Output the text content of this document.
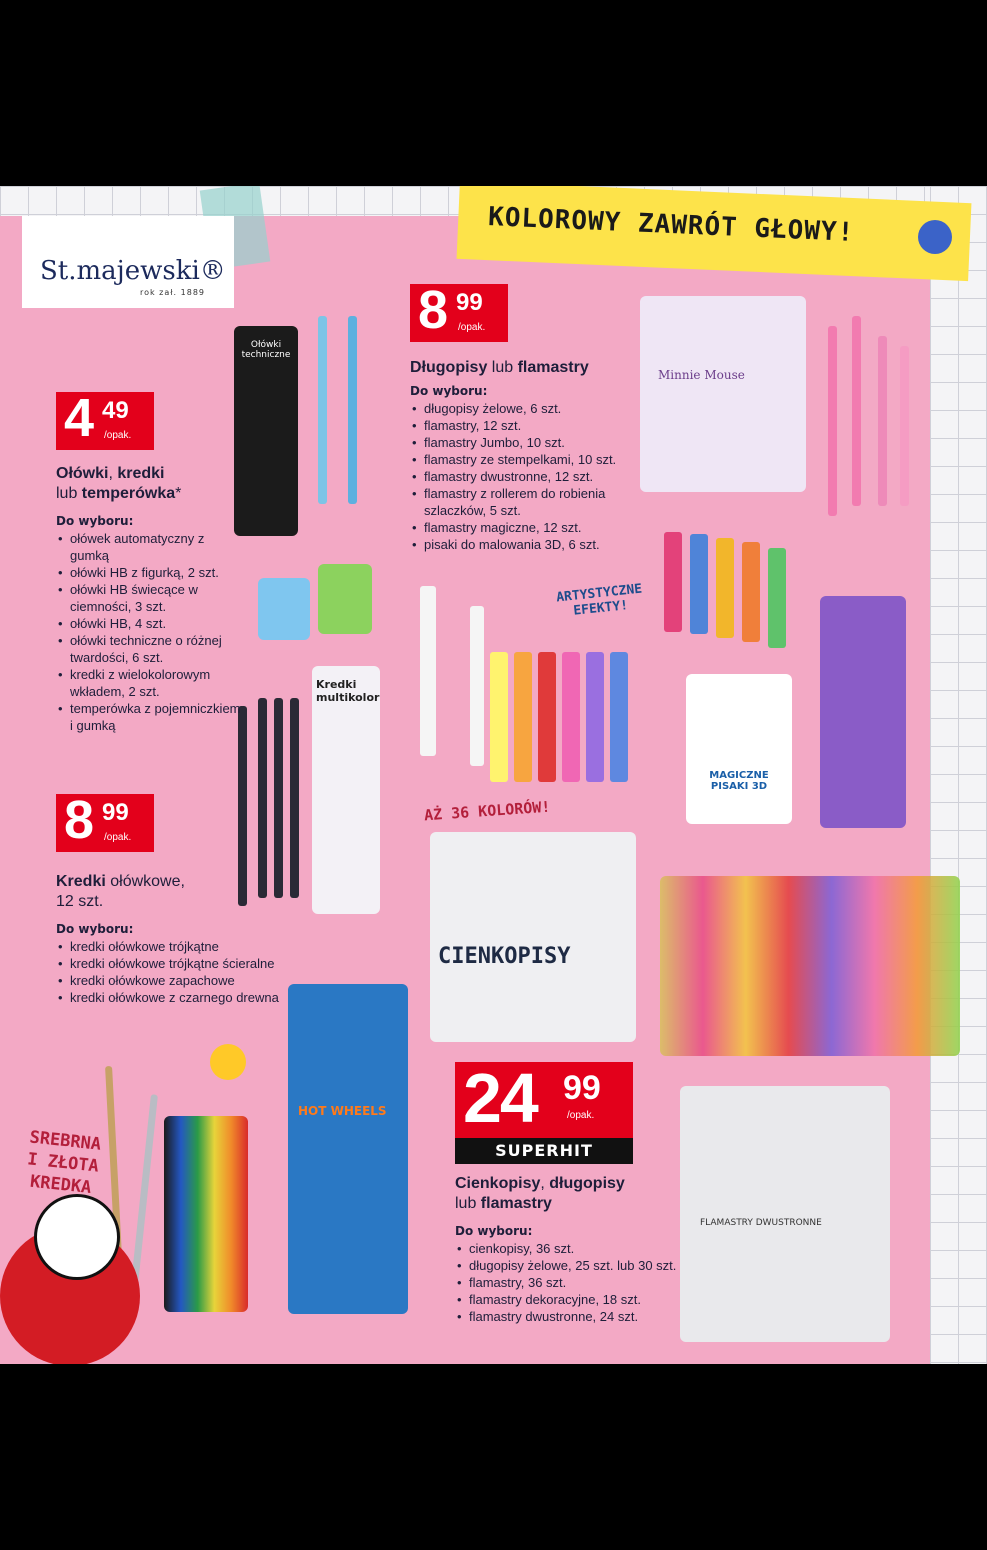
KOLOROWY ZAWRÓT GŁOWY!
St.majewski®
rok zał. 1889
Ołówki techniczne
Kredki multikolor
Minnie Mouse
MAGICZNE PISAKI 3D
CIENKOPISY
HOT WHEELS
FLAMASTRY DWUSTRONNE
ARTYSTYCZNE EFEKTY!
AŻ 36 KOLORÓW!
SREBRNA I ZŁOTA KREDKA
4 49
/opak.
Ołówki, kredki
lub temperówka*
Do wyboru:
• ołówek automatyczny z gumką
• ołówki HB z figurką, 2 szt.
• ołówki HB świecące w ciemności, 3 szt.
• ołówki HB, 4 szt.
• ołówki techniczne o różnej twardości, 6 szt.
• kredki z wielokolorowym wkładem, 2 szt.
• temperówka z pojemniczkiem i gumką
8 99
/opak.
Kredki ołówkowe,
12 szt.
Do wyboru:
• kredki ołówkowe trójkątne
• kredki ołówkowe trójkątne ścieralne
• kredki ołówkowe zapachowe
• kredki ołówkowe z czarnego drewna
8 99
/opak.
Długopisy lub flamastry
Do wyboru:
• długopisy żelowe, 6 szt.
• flamastry, 12 szt.
• flamastry Jumbo, 10 szt.
• flamastry ze stempelkami, 10 szt.
• flamastry dwustronne, 12 szt.
• flamastry z rollerem do robienia szlaczków, 5 szt.
• flamastry magiczne, 12 szt.
• pisaki do malowania 3D, 6 szt.
24 99
/opak.
SUPERHIT
Cienkopisy, długopisy
lub flamastry
Do wyboru:
• cienkopisy, 36 szt.
• długopisy żelowe, 25 szt. lub 30 szt.
• flamastry, 36 szt.
• flamastry dekoracyjne, 18 szt.
• flamastry dwustronne, 24 szt.
